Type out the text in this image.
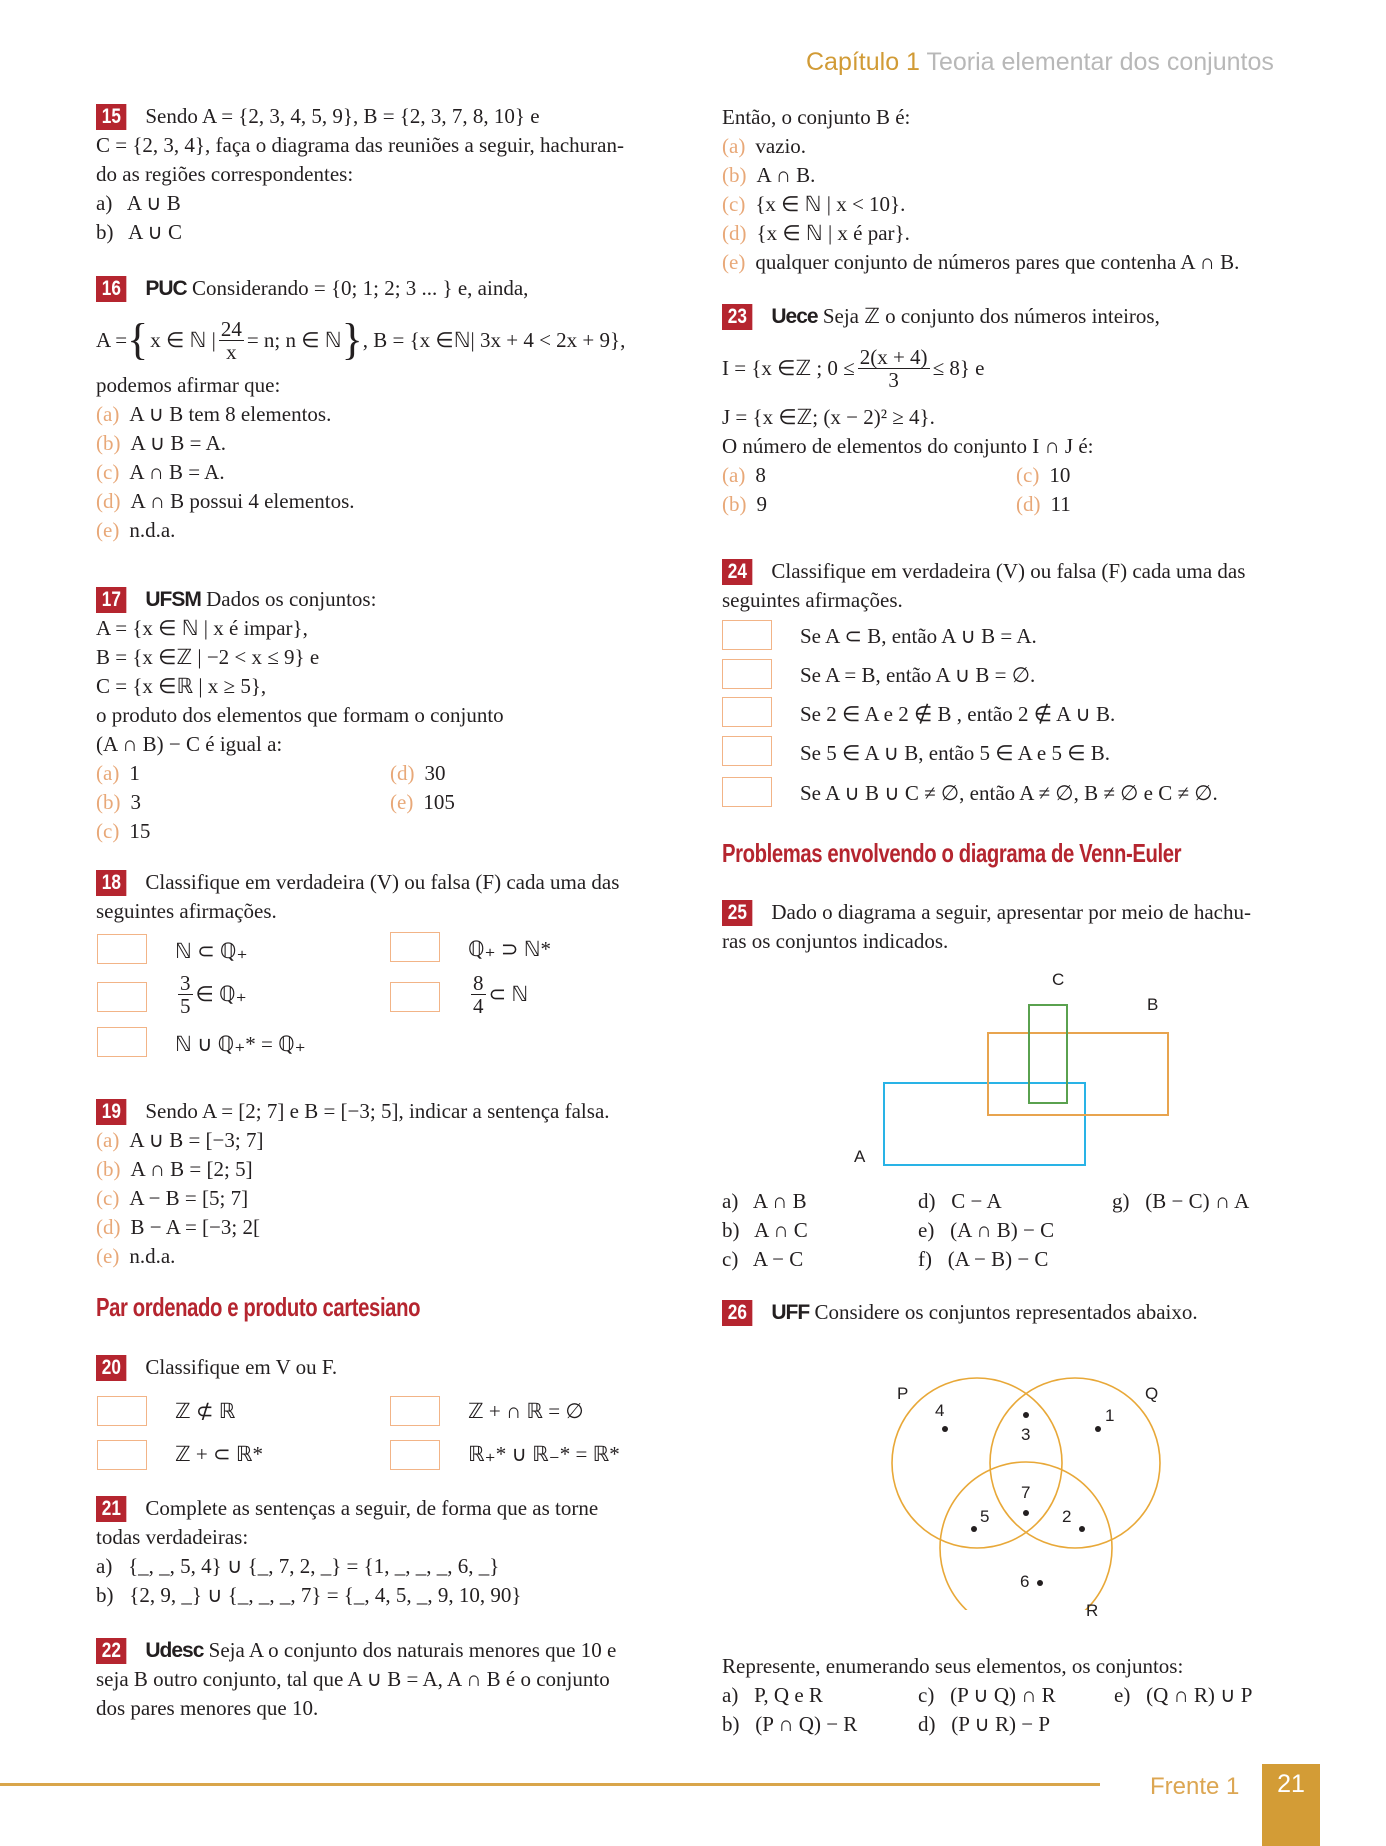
Capítulo 1 Teoria elementar dos conjuntos
15 Sendo A = {2, 3, 4, 5, 9}, B = {2, 3, 7, 8, 10} e
C = {2, 3, 4}, faça o diagrama das reuniões a seguir, hachuran-
do as regiões correspondentes:
a) A ∪ B
b) A ∪ C
16 PUC Considerando = {0; 1; 2; 3 ... } e, ainda,
A = { x ∈ ℕ | $\frac{24}{x} = n$; n ∈ ℕ } , B = {x ∈ℕ| 3x + 4 < 2x + 9},
podemos afirmar que:
(a) A ∪ B tem 8 elementos.
(b) A ∪ B = A.
(c) A ∩ B = A.
(d) A ∩ B possui 4 elementos.
(e) n.d.a.
17 UFSM Dados os conjuntos:
A = {x ∈ ℕ | x é impar},
B = {x ∈ℤ | −2 < x ≤ 9} e
C = {x ∈ℝ | x ≥ 5},
o produto dos elementos que formam o conjunto
(A ∩ B) − C é igual a:
(a) 1
(b) 3
(c) 15
(d) 30
(e) 105
18 Classifique em verdadeira (V) ou falsa (F) cada uma das
seguintes afirmações.
ℕ ⊂ ℚ₊
$\frac{3}{5}$ ∈ ℚ₊
ℕ ∪ ℚ₊* = ℚ₊
ℚ₊ ⊃ ℕ*
$\frac{8}{4}$ ⊂ ℕ
19 Sendo A = [2; 7] e B = [−3; 5], indicar a sentença falsa.
(a) A ∪ B = [−3; 7]
(b) A ∩ B = [2; 5]
(c) A − B = [5; 7]
(d) B − A = [−3; 2[
(e) n.d.a.
Par ordenado e produto cartesiano
20 Classifique em V ou F.
ℤ ⊄ ℝ
ℤ + ⊂ ℝ*
ℤ + ∩ ℝ = ∅
ℝ₊* ∪ ℝ₋* = ℝ*
21 Complete as sentenças a seguir, de forma que as torne
todas verdadeiras:
a) {_, _, 5, 4} ∪ {_, 7, 2, _} = {1, _, _, _, 6, _}
b) {2, 9, _} ∪ {_, _, _, 7} = {_, 4, 5, _, 9, 10, 90}
22 Udesc Seja A o conjunto dos naturais menores que 10 e
seja B outro conjunto, tal que A ∪ B = A, A ∩ B é o conjunto
dos pares menores que 10.
Então, o conjunto B é:
(a) vazio.
(b) A ∩ B.
(c) {x ∈ ℕ | x < 10}.
(d) {x ∈ ℕ | x é par}.
(e) qualquer conjunto de números pares que contenha A ∩ B.
23 Uece Seja ℤ o conjunto dos números inteiros,
I = {x ∈ℤ ; $0 \le \frac{2(x + 4)}{3} \le 8$} e
J = {x ∈ℤ; (x − 2)² ≥ 4}.
O número de elementos do conjunto I ∩ J é:
(a) 8
(b) 9
(c) 10
(d) 11
24 Classifique em verdadeira (V) ou falsa (F) cada uma das
seguintes afirmações.
Se A ⊂ B, então A ∪ B = A.
Se A = B, então A ∪ B = ∅.
Se 2 ∈ A e 2 ∉ B , então 2 ∉ A ∪ B.
Se 5 ∈ A ∪ B, então 5 ∈ A e 5 ∈ B.
Se A ∪ B ∪ C ≠ ∅, então A ≠ ∅, B ≠ ∅ e C ≠ ∅.
Problemas envolvendo o diagrama de Venn-Euler
25 Dado o diagrama a seguir, apresentar por meio de hachu-
ras os conjuntos indicados.
C
B
A
a) A ∩ B
b) A ∩ C
c) A − C
d) C − A
e) (A ∩ B) − C
f) (A − B) − C
g) (B − C) ∩ A
26 UFF Considere os conjuntos representados abaixo.
P	Q
R
4
3
1
7
5	2
6
Represente, enumerando seus elementos, os conjuntos:
a) P, Q e R
b) (P ∩ Q) − R
c) (P ∪ Q) ∩ R
d) (P ∪ R) − P
e) (Q ∩ R) ∪ P
Frente 1	21
